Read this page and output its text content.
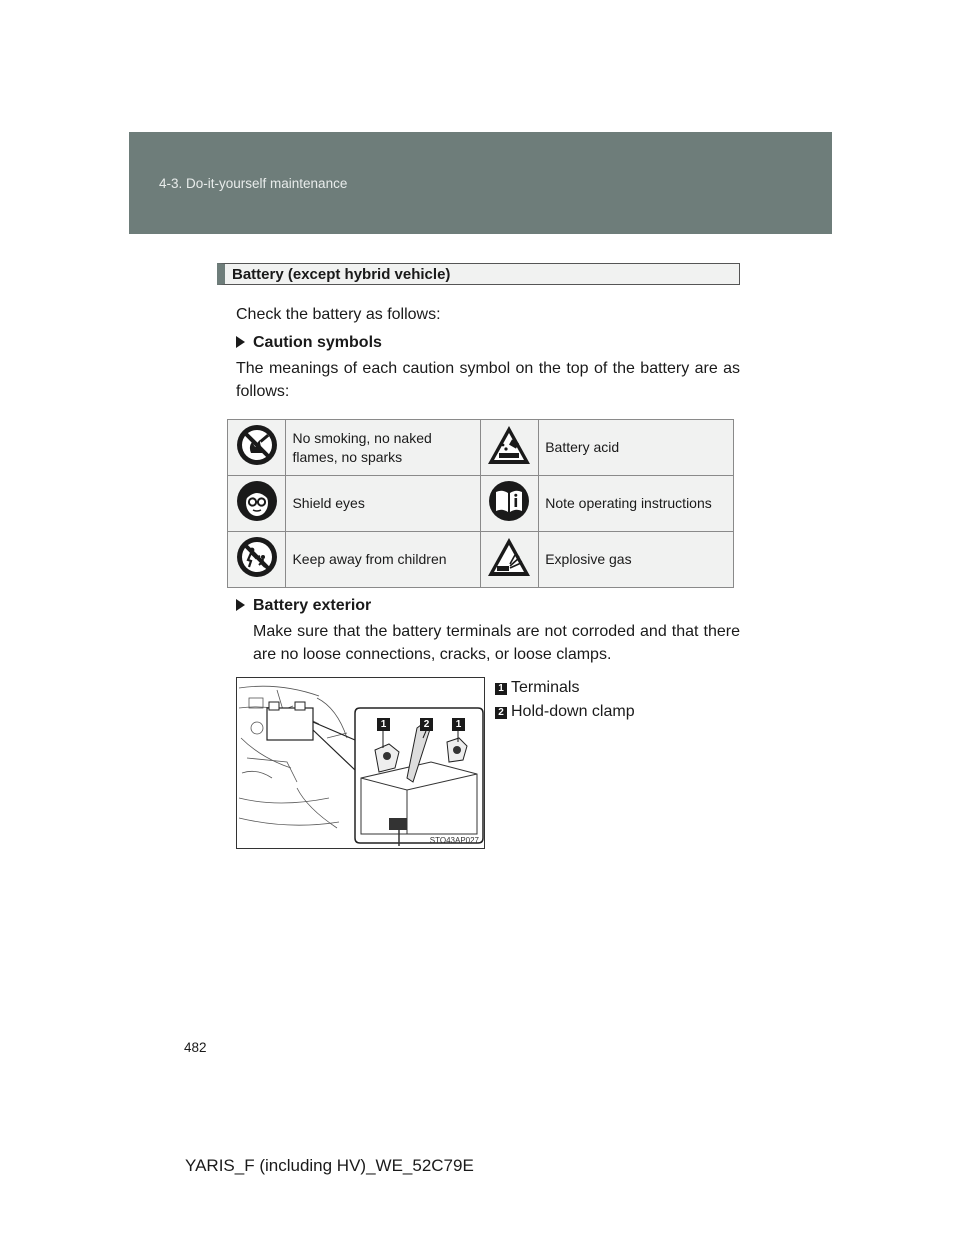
4-3. Do-it-yourself maintenance
Battery (except hybrid vehicle)
Check the battery as follows:
Caution symbols
The meanings of each caution symbol on the top of the battery are as follows:
	No smoking, no naked flames, no sparks		Battery acid
	Shield eyes		Note operating instructions
	Keep away from children		Explosive gas
Battery exterior
Make sure that the battery terminals are not corroded and that there are no loose connections, cracks, or loose clamps.
1 Terminals
2 Hold-down clamp
1	2	1
STO43AP027
482
YARIS_F (including HV)_WE_52C79E
